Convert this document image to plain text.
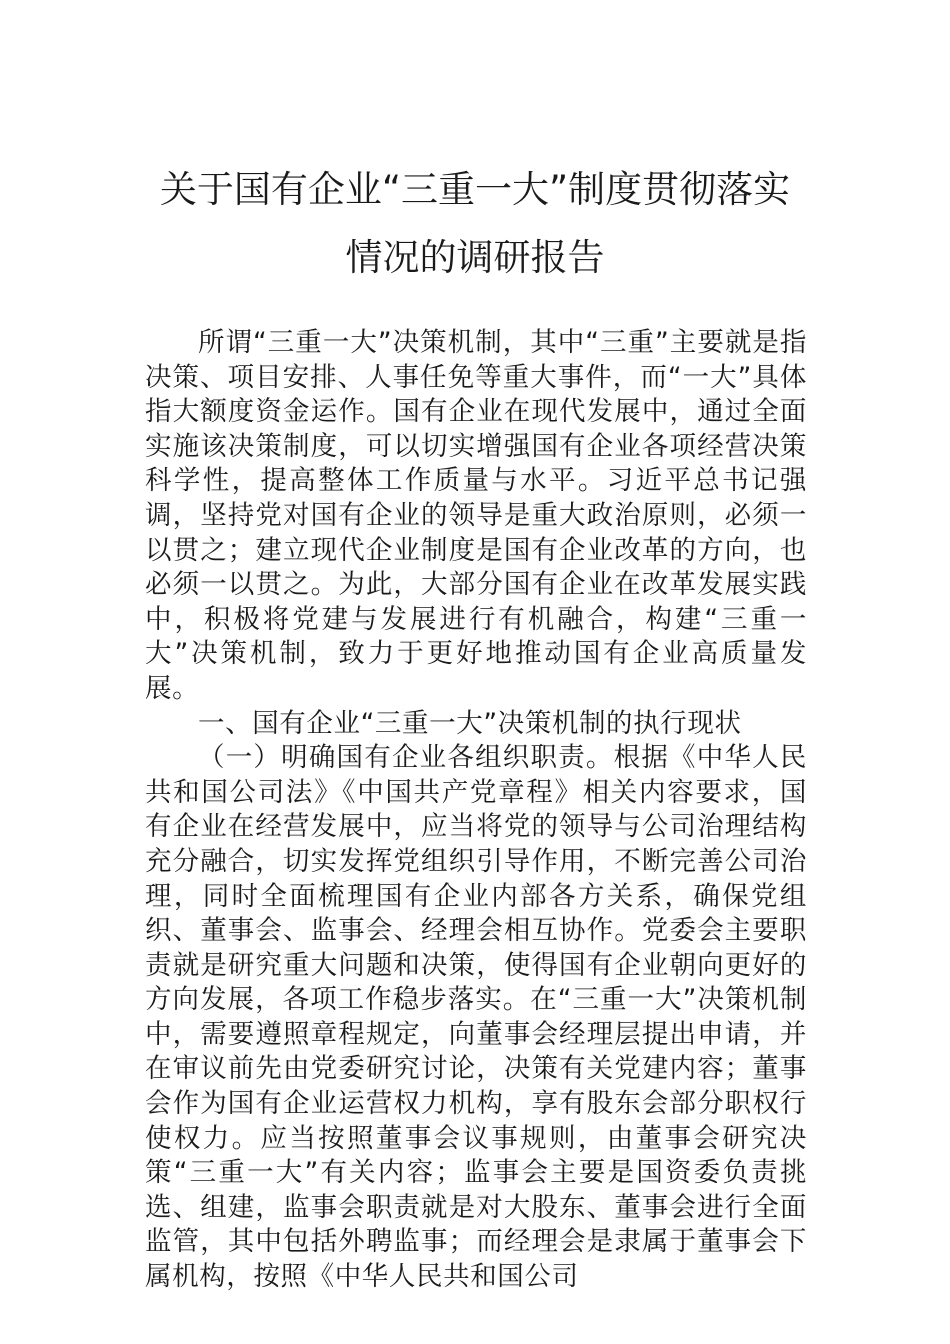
关于国有企业“三重一大”制度贯彻落实
情况的调研报告

所谓“三重一大”决策机制，其中“三重”主要就是指决策、项目安排、人事任免等重大事件，而“一大”具体指大额度资金运作。国有企业在现代发展中，通过全面实施该决策制度，可以切实增强国有企业各项经营决策科学性，提高整体工作质量与水平。习近平总书记强调，坚持党对国有企业的领导是重大政治原则，必须一以贯之；建立现代企业制度是国有企业改革的方向，也必须一以贯之。为此，大部分国有企业在改革发展实践中，积极将党建与发展进行有机融合，构建“三重一大”决策机制，致力于更好地推动国有企业高质量发展。

一、国有企业“三重一大”决策机制的执行现状

（一）明确国有企业各组织职责。根据《中华人民共和国公司法》《中国共产党章程》相关内容要求，国有企业在经营发展中，应当将党的领导与公司治理结构充分融合，切实发挥党组织引导作用，不断完善公司治理，同时全面梳理国有企业内部各方关系，确保党组织、董事会、监事会、经理会相互协作。党委会主要职责就是研究重大问题和决策，使得国有企业朝向更好的方向发展，各项工作稳步落实。在“三重一大”决策机制中，需要遵照章程规定，向董事会经理层提出申请，并在审议前先由党委研究讨论，决策有关党建内容；董事会作为国有企业运营权力机构，享有股东会部分职权行使权力。应当按照董事会议事规则，由董事会研究决策“三重一大”有关内容；监事会主要是国资委负责挑选、组建，监事会职责就是对大股东、董事会进行全面监管，其中包括外聘监事；而经理会是隶属于董事会下属机构，按照《中华人民共和国公司
